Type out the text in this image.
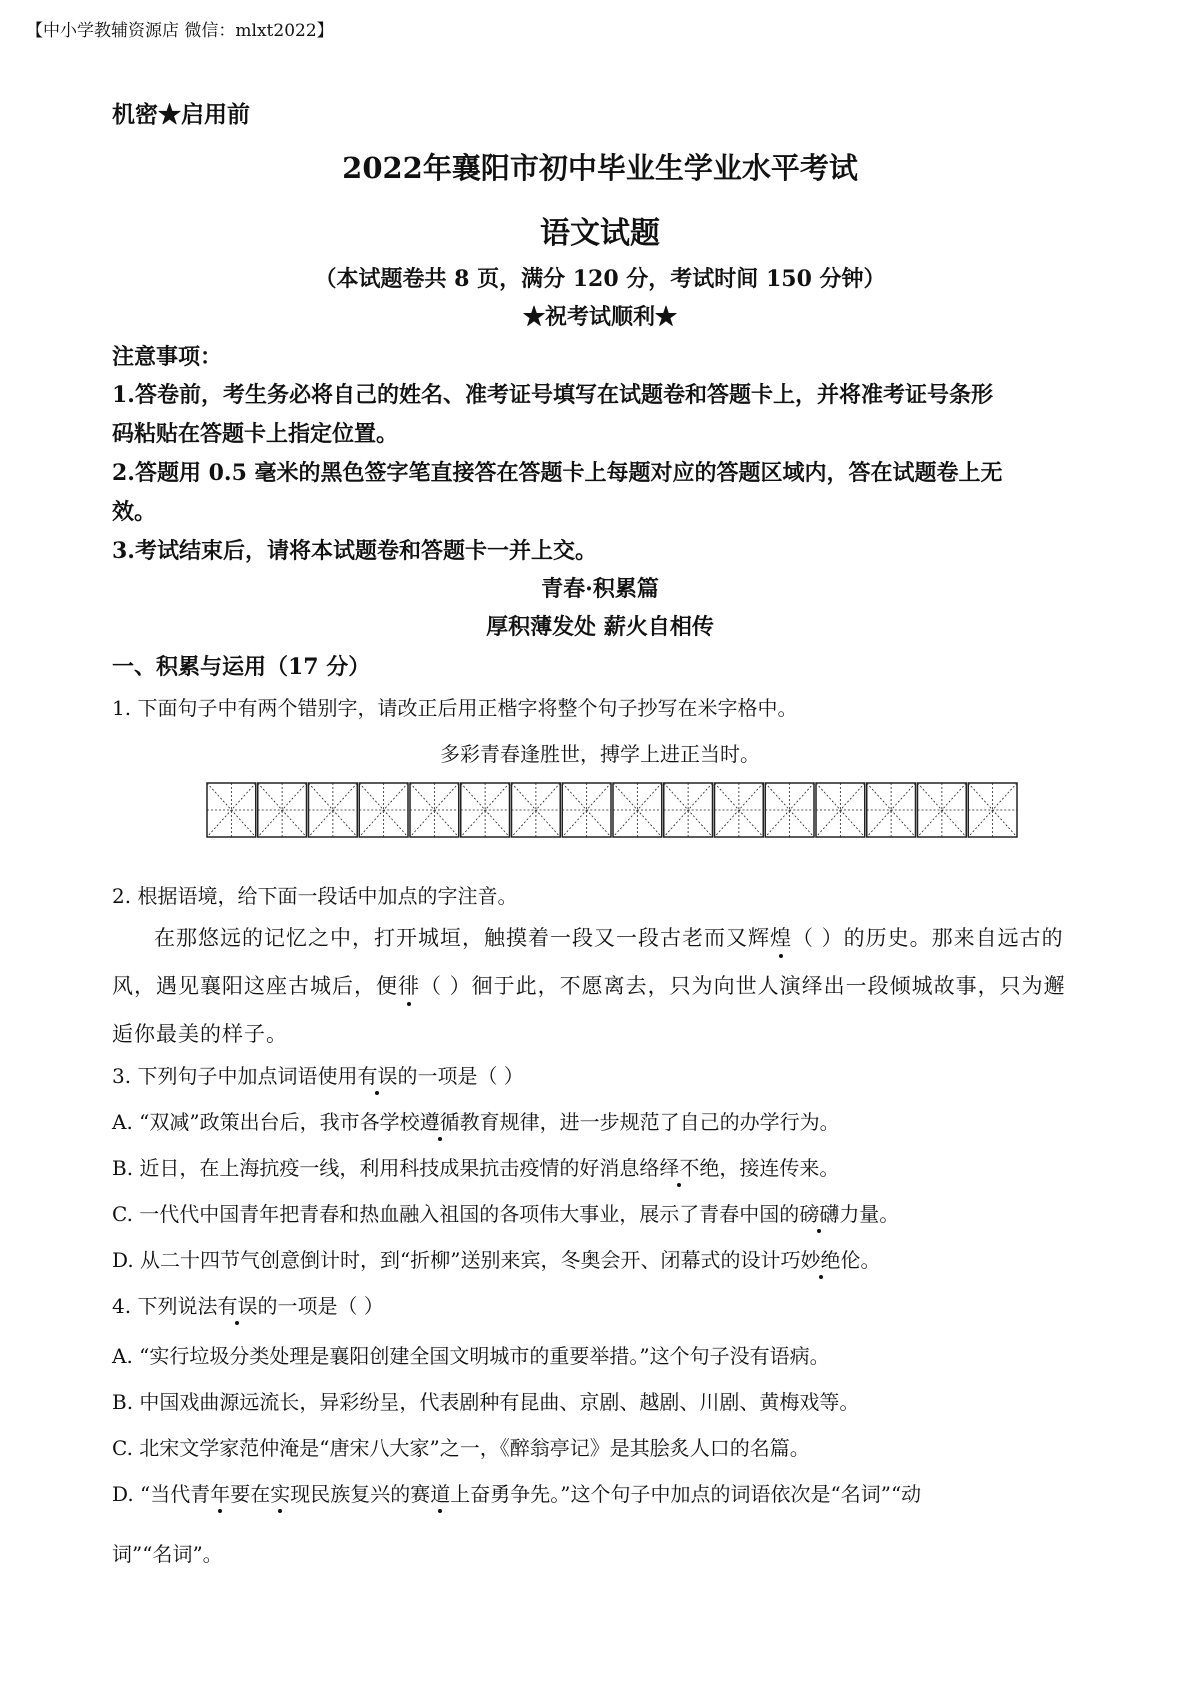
【中小学教辅资源店 微信：mlxt2022】
机密★启用前
2022年襄阳市初中毕业生学业水平考试
语文试题
（本试题卷共 8 页，满分 120 分，考试时间 150 分钟）
★祝考试顺利★
注意事项：
1.答卷前，考生务必将自己的姓名、准考证号填写在试题卷和答题卡上，并将准考证号条形
码粘贴在答题卡上指定位置。
2.答题用 0.5 毫米的黑色签字笔直接答在答题卡上每题对应的答题区域内，答在试题卷上无
效。
3.考试结束后，请将本试题卷和答题卡一并上交。
青春·积累篇
厚积薄发处 薪火自相传
一、积累与运用（17 分）
1. 下面句子中有两个错别字，请改正后用正楷字将整个句子抄写在米字格中。
多彩青春逢胜世，搏学上进正当时。
2. 根据语境，给下面一段话中加点的字注音。
在那悠远的记忆之中，打开城垣，触摸着一段又一段古老而又辉煌（ ）的历史。那来自远古的
风，遇见襄阳这座古城后，便徘（ ）徊于此，不愿离去，只为向世人演绎出一段倾城故事，只为邂
逅你最美的样子。
3. 下列句子中加点词语使用有误的一项是（ ）
A. “双减”政策出台后，我市各学校遵循教育规律，进一步规范了自己的办学行为。
B. 近日，在上海抗疫一线，利用科技成果抗击疫情的好消息络绎不绝，接连传来。
C. 一代代中国青年把青春和热血融入祖国的各项伟大事业，展示了青春中国的磅礴力量。
D. 从二十四节气创意倒计时，到“折柳”送别来宾，冬奥会开、闭幕式的设计巧妙绝伦。
4. 下列说法有误的一项是（ ）
A. “实行垃圾分类处理是襄阳创建全国文明城市的重要举措。”这个句子没有语病。
B. 中国戏曲源远流长，异彩纷呈，代表剧种有昆曲、京剧、越剧、川剧、黄梅戏等。
C. 北宋文学家范仲淹是“唐宋八大家”之一，《醉翁亭记》是其脍炙人口的名篇。
D. “当代青年要在实现民族复兴的赛道上奋勇争先。”这个句子中加点的词语依次是“名词”“动
词”“名词”。
